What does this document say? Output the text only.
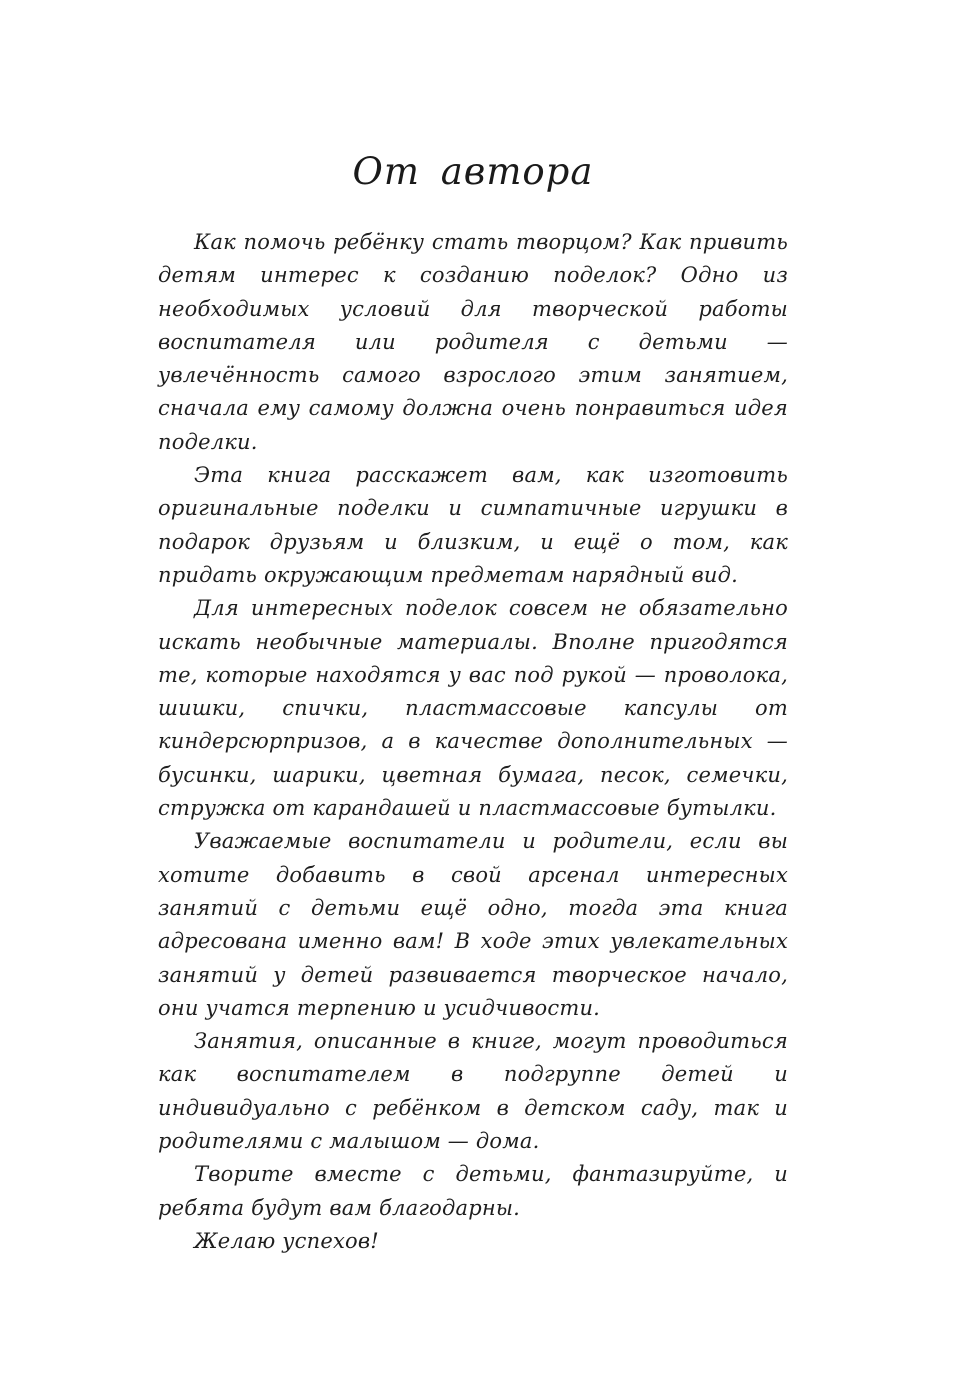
От автора

Как помочь ребёнку стать творцом? Как привить детям интерес к созданию поделок? Одно из необходимых условий для творческой работы воспитателя или родителя с детьми — увлечённость самого взрослого этим занятием, сначала ему самому должна очень понравиться идея поделки.

Эта книга расскажет вам, как изготовить оригинальные поделки и симпатичные игрушки в подарок друзьям и близким, и ещё о том, как придать окружающим предметам нарядный вид.

Для интересных поделок совсем не обязательно искать необычные материалы. Вполне пригодятся те, которые находятся у вас под рукой — проволока, шишки, спички, пластмассовые капсулы от киндерсюрпризов, а в качестве дополнительных — бусинки, шарики, цветная бумага, песок, семечки, стружка от карандашей и пластмассовые бутылки.

Уважаемые воспитатели и родители, если вы хотите добавить в свой арсенал интересных занятий с детьми ещё одно, тогда эта книга адресована именно вам! В ходе этих увлекательных занятий у детей развивается творческое начало, они учатся терпению и усидчивости.

Занятия, описанные в книге, могут проводиться как воспитателем в подгруппе детей и индивидуально с ребёнком в детском саду, так и родителями с малышом — дома.

Творите вместе с детьми, фантазируйте, и ребята будут вам благодарны.

Желаю успехов!
